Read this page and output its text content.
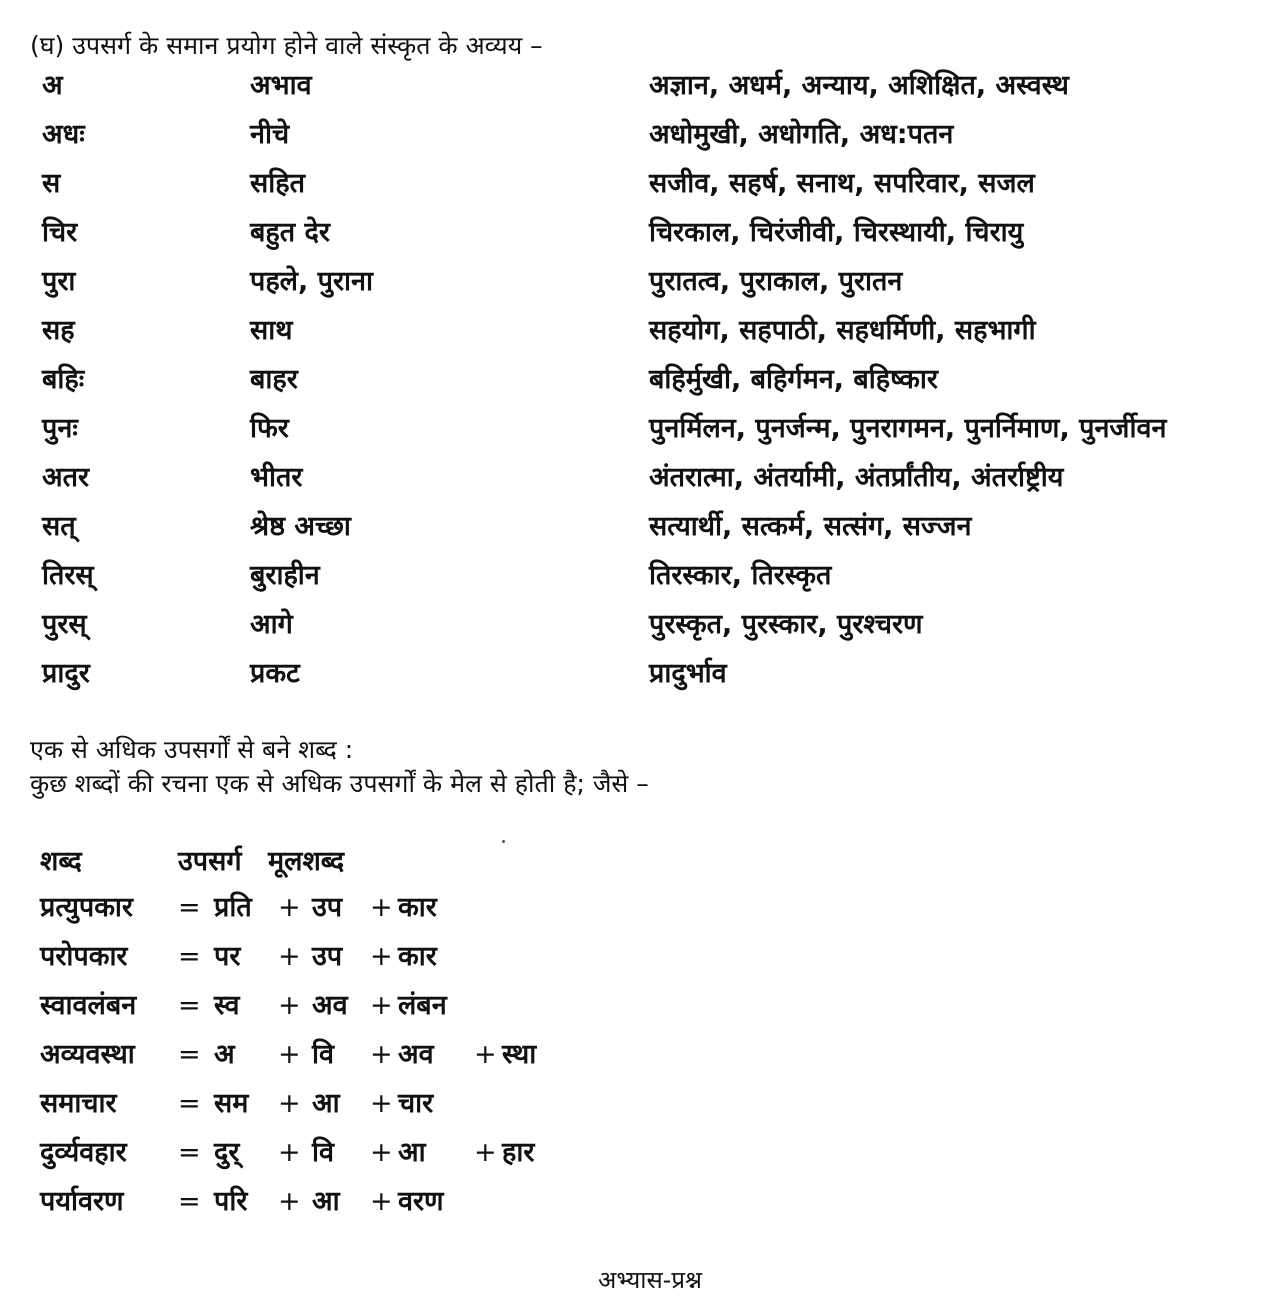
(घ) उपसर्ग के समान प्रयोग होने वाले संस्कृत के अव्यय –
अ	अभाव	अज्ञान, अधर्म, अन्याय, अशिक्षित, अस्वस्थ
अधः	नीचे	अधोमुखी, अधोगति, अध:पतन
स	सहित	सजीव, सहर्ष, सनाथ, सपरिवार, सजल
चिर	बहुत देर	चिरकाल, चिरंजीवी, चिरस्थायी, चिरायु
पुरा	पहले, पुराना	पुरातत्व, पुराकाल, पुरातन
सह	साथ	सहयोग, सहपाठी, सहधर्मिणी, सहभागी
बहिः	बाहर	बहिर्मुखी, बहिर्गमन, बहिष्कार
पुनः	फिर	पुनर्मिलन, पुनर्जन्म, पुनरागमन, पुनर्निमाण, पुनर्जीवन
अतर	भीतर	अंतरात्मा, अंतर्यामी, अंतर्प्रांतीय, अंतर्राष्ट्रीय
सत्	श्रेष्ठ अच्छा	सत्यार्थी, सत्कर्म, सत्संग, सज्जन
तिरस्	बुराहीन	तिरस्कार, तिरस्कृत
पुरस्	आगे	पुरस्कृत, पुरस्कार, पुरश्चरण
प्रादुर	प्रकट	प्रादुर्भाव
एक से अधिक उपसर्गों से बने शब्द :
कुछ शब्दों की रचना एक से अधिक उपसर्गों के मेल से होती है; जैसे –
शब्द	उपसर्ग मूलशब्द
प्रत्युपकार = प्रति + उप + कार
परोपकार = पर + उप + कार
स्वावलंबन = स्व + अव + लंबन
अव्यवस्था = अ + वि + अव + स्था
समाचार = सम + आ + चार
दुर्व्यवहार = दुर् + वि + आ + हार
पर्यावरण = परि + आ + वरण
अभ्यास-प्रश्न
